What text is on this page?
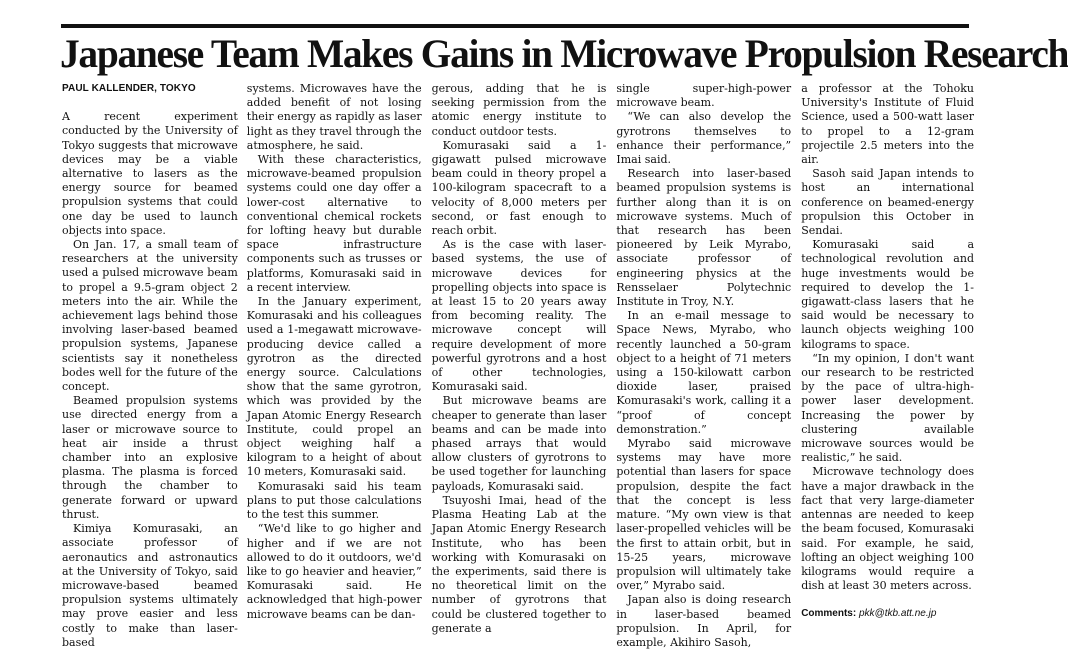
Japanese Team Makes Gains in Microwave Propulsion Research
PAUL KALLENDER, TOKYO

A recent experiment conducted by the University of Tokyo suggests that microwave devices may be a viable alternative to lasers as the energy source for beamed propulsion systems that could one day be used to launch objects into space.

On Jan. 17, a small team of researchers at the university used a pulsed microwave beam to propel a 9.5-gram object 2 meters into the air. While the achievement lags behind those involving laser-based beamed propulsion systems, Japanese scientists say it nonetheless bodes well for the future of the concept.

Beamed propulsion systems use directed energy from a laser or microwave source to heat air inside a thrust chamber into an explosive plasma. The plasma is forced through the chamber to generate forward or upward thrust.

Kimiya Komurasaki, an associate professor of aeronautics and astronautics at the University of Tokyo, said microwave-based beamed propulsion systems ultimately may prove easier and less costly to make than laser-based

systems. Microwaves have the added benefit of not losing their energy as rapidly as laser light as they travel through the atmosphere, he said.

With these characteristics, microwave-beamed propulsion systems could one day offer a lower-cost alternative to conventional chemical rockets for lofting heavy but durable space infrastructure components such as trusses or platforms, Komurasaki said in a recent interview.

In the January experiment, Komurasaki and his colleagues used a 1-megawatt microwave-producing device called a gyrotron as the directed energy source. Calculations show that the same gyrotron, which was provided by the Japan Atomic Energy Research Institute, could propel an object weighing half a kilogram to a height of about 10 meters, Komurasaki said.

Komurasaki said his team plans to put those calculations to the test this summer.

“We'd like to go higher and higher and if we are not allowed to do it outdoors, we'd like to go heavier and heavier,” Komurasaki said. He acknowledged that high-power microwave beams can be dan-

gerous, adding that he is seeking permission from the atomic energy institute to conduct outdoor tests.

Komurasaki said a 1-gigawatt pulsed microwave beam could in theory propel a 100-kilogram spacecraft to a velocity of 8,000 meters per second, or fast enough to reach orbit.

As is the case with laser-based systems, the use of microwave devices for propelling objects into space is at least 15 to 20 years away from becoming reality. The microwave concept will require development of more powerful gyrotrons and a host of other technologies, Komurasaki said.

But microwave beams are cheaper to generate than laser beams and can be made into phased arrays that would allow clusters of gyrotrons to be used together for launching payloads, Komurasaki said.

Tsuyoshi Imai, head of the Plasma Heating Lab at the Japan Atomic Energy Research Institute, who has been working with Komurasaki on the experiments, said there is no theoretical limit on the number of gyrotrons that could be clustered together to generate a

single super-high-power microwave beam.

“We can also develop the gyrotrons themselves to enhance their performance,” Imai said.

Research into laser-based beamed propulsion systems is further along than it is on microwave systems. Much of that research has been pioneered by Leik Myrabo, associate professor of engineering physics at the Rensselaer Polytechnic Institute in Troy, N.Y.

In an e-mail message to Space News, Myrabo, who recently launched a 50-gram object to a height of 71 meters using a 150-kilowatt carbon dioxide laser, praised Komurasaki's work, calling it a “proof of concept demonstration.”

Myrabo said microwave systems may have more potential than lasers for space propulsion, despite the fact that the concept is less mature. “My own view is that laser-propelled vehicles will be the first to attain orbit, but in 15-25 years, microwave propulsion will ultimately take over,” Myrabo said.

Japan also is doing research in laser-based beamed propulsion. In April, for example, Akihiro Sasoh,

a professor at the Tohoku University's Institute of Fluid Science, used a 500-watt laser to propel to a 12-gram projectile 2.5 meters into the air.

Sasoh said Japan intends to host an international conference on beamed-energy propulsion this October in Sendai.

Komurasaki said a technological revolution and huge investments would be required to develop the 1-gigawatt-class lasers that he said would be necessary to launch objects weighing 100 kilograms to space.

“In my opinion, I don't want our research to be restricted by the pace of ultra-high-power laser development. Increasing the power by clustering available microwave sources would be realistic,” he said.

Microwave technology does have a major drawback in the fact that very large-diameter antennas are needed to keep the beam focused, Komurasaki said. For example, he said, lofting an object weighing 100 kilograms would require a dish at least 30 meters across.

Comments: pkk@tkb.att.ne.jp
